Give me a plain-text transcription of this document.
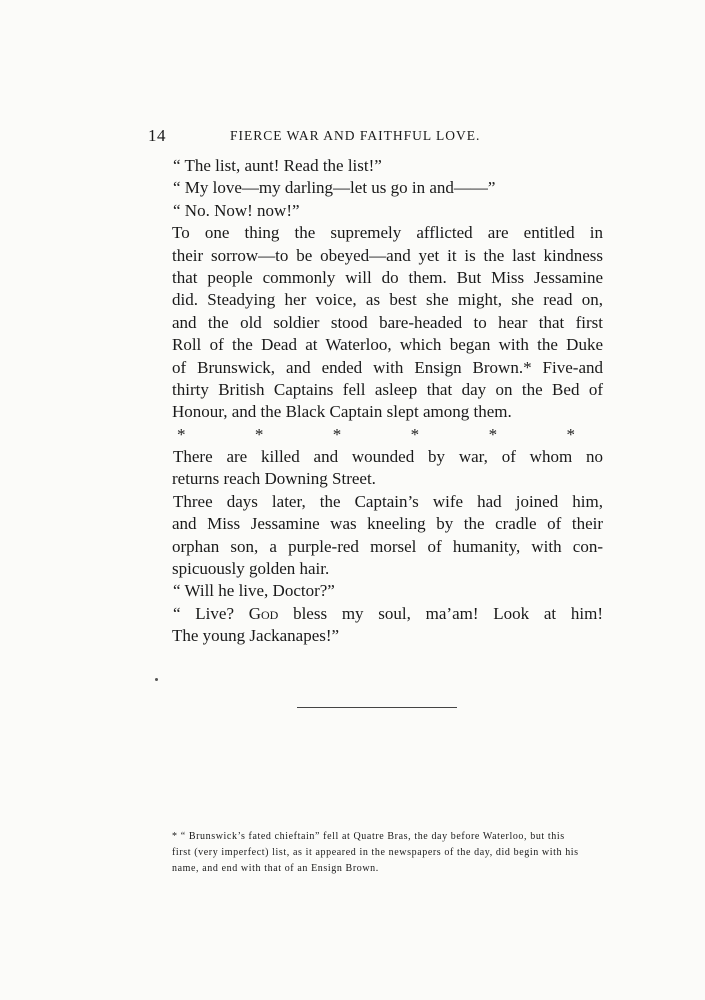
14	FIERCE WAR AND FAITHFUL LOVE.
“ The list, aunt! Read the list!”
“ My love—my darling—let us go in and——”
“ No. Now! now!”
To one thing the supremely afflicted are entitled in
their sorrow—to be obeyed—and yet it is the last kindness
that people commonly will do them. But Miss Jessamine
did. Steadying her voice, as best she might, she read on,
and the old soldier stood bare-headed to hear that first
Roll of the Dead at Waterloo, which began with the Duke
of Brunswick, and ended with Ensign Brown.* Five-and
thirty British Captains fell asleep that day on the Bed of
Honour, and the Black Captain slept among them.
*	*	*	*	*	*
There are killed and wounded by war, of whom no
returns reach Downing Street.
Three days later, the Captain’s wife had joined him,
and Miss Jessamine was kneeling by the cradle of their
orphan son, a purple-red morsel of humanity, with con-
spicuously golden hair.
“ Will he live, Doctor?”
“ Live? God bless my soul, ma’am! Look at him!
The young Jackanapes!”
* “ Brunswick’s fated chieftain” fell at Quatre Bras, the day before Waterloo, but this
first (very imperfect) list, as it appeared in the newspapers of the day, did begin with his
name, and end with that of an Ensign Brown.
